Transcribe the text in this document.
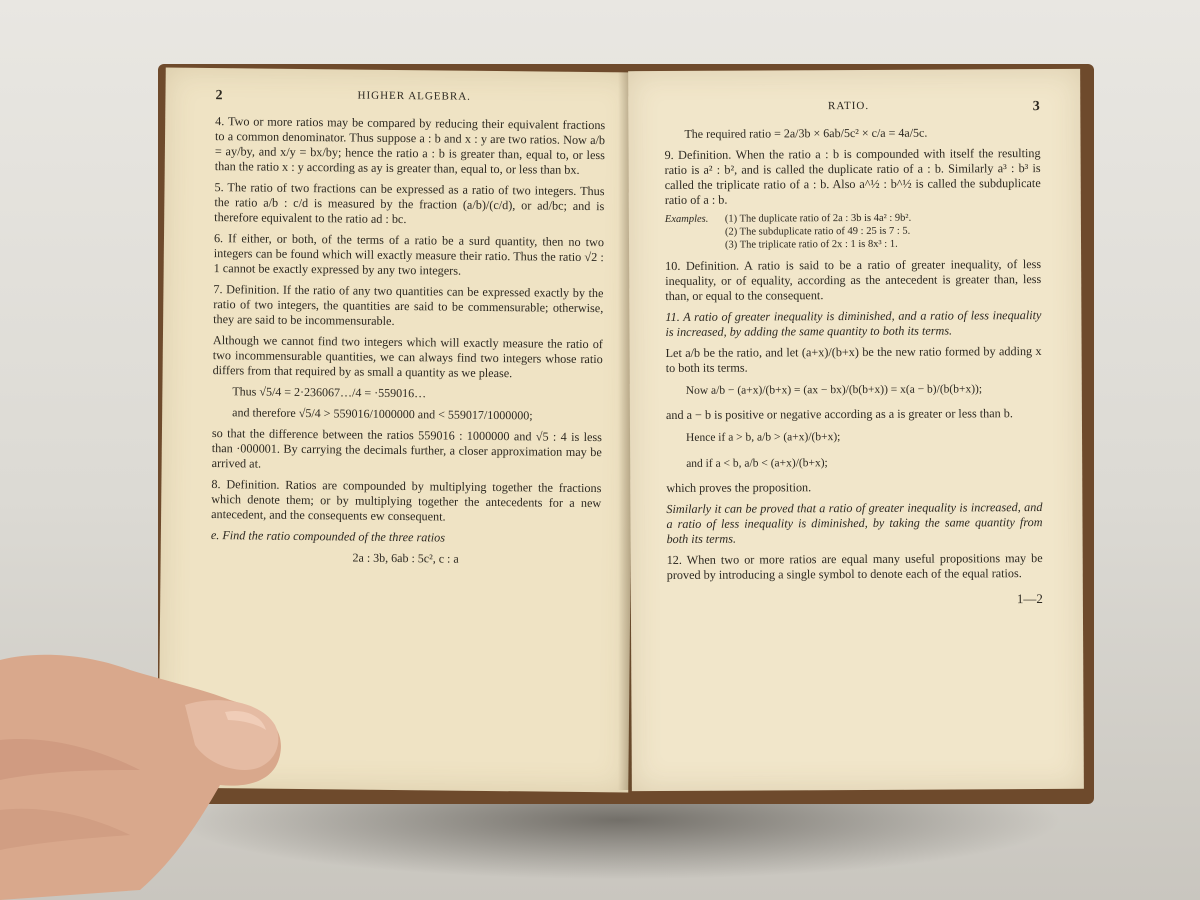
2	HIGHER ALGEBRA.

4. Two or more ratios may be compared by reducing their equivalent fractions to a common denominator. Thus suppose a : b and x : y are two ratios. Now a/b = ay/by, and x/y = bx/by; hence the ratio a : b is greater than, equal to, or less than the ratio x : y according as ay is greater than, equal to, or less than bx.

5. The ratio of two fractions can be expressed as a ratio of two integers. Thus the ratio a/b : c/d is measured by the fraction (a/b)/(c/d), or ad/bc; and is therefore equivalent to the ratio ad : bc.

6. If either, or both, of the terms of a ratio be a surd quantity, then no two integers can be found which will exactly measure their ratio. Thus the ratio √2 : 1 cannot be exactly expressed by any two integers.

7. Definition. If the ratio of any two quantities can be expressed exactly by the ratio of two integers, the quantities are said to be commensurable; otherwise, they are said to be incommensurable.

Although we cannot find two integers which will exactly measure the ratio of two incommensurable quantities, we can always find two integers whose ratio differs from that required by as small a quantity as we please.

Thus √5/4 = 2·236067…/4 = ·559016…
and therefore √5/4 > 559016/1000000 and < 559017/1000000;

so that the difference between the ratios 559016 : 1000000 and √5 : 4 is less than ·000001. By carrying the decimals further, a closer approximation may be arrived at.

8. Definition. Ratios are compounded by multiplying together the fractions which denote them; or by multiplying together the antecedents for a new antecedent, and the consequents ew consequent.

e. Find the ratio compounded of the three ratios

2a : 3b, 6ab : 5c², c : a
RATIO.	3
The required ratio = 2a/3b × 6ab/5c² × c/a = 4a/5c.

9. Definition. When the ratio a : b is compounded with itself the resulting ratio is a² : b², and is called the duplicate ratio of a : b. Similarly a³ : b³ is called the triplicate ratio of a : b. Also a^½ : b^½ is called the subduplicate ratio of a : b.

Examples.	(1) The duplicate ratio of 2a : 3b is 4a² : 9b².
(2) The subduplicate ratio of 49 : 25 is 7 : 5.
(3) The triplicate ratio of 2x : 1 is 8x³ : 1.

10. Definition. A ratio is said to be a ratio of greater inequality, of less inequality, or of equality, according as the antecedent is greater than, less than, or equal to the consequent.

11. A ratio of greater inequality is diminished, and a ratio of less inequality is increased, by adding the same quantity to both its terms.

Let a/b be the ratio, and let (a+x)/(b+x) be the new ratio formed by adding x to both its terms.

Now a/b − (a+x)/(b+x) = (ax − bx)/(b(b+x)) = x(a − b)/(b(b+x));

and a − b is positive or negative according as a is greater or less than b.

Hence if a > b, a/b > (a+x)/(b+x);
and if a < b, a/b < (a+x)/(b+x);

which proves the proposition.

Similarly it can be proved that a ratio of greater inequality is increased, and a ratio of less inequality is diminished, by taking the same quantity from both its terms.

12. When two or more ratios are equal many useful propositions may be proved by introducing a single symbol to denote each of the equal ratios.

1—2
